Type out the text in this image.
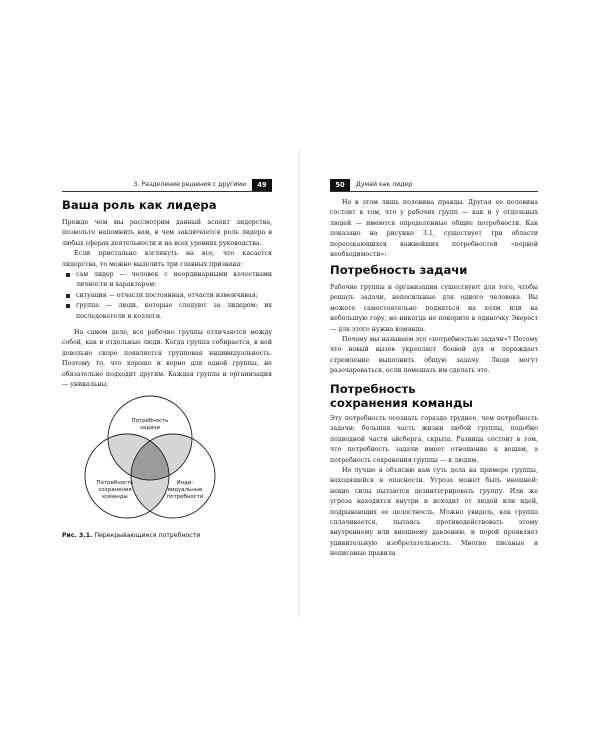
3. Разделение решения с другими	49
Ваша роль как лидера

Прежде чем мы рассмотрим данный аспект лидерства, позвольте напомнить вам, в чем заключается роль лидера в любых сферах деятельности и на всех уровнях руководства.

Если пристально взглянуть на все, что касается лидерства, то можно выделить три главных признака:

сам лидер — человек с неординарными качествами личности и характером;
ситуация — отчасти постоянная, отчасти изменчивая;
группа — люди, которые следуют за лидером: их последователи и коллеги.

На самом деле, все рабочие группы отличаются между собой, как и отдельные люди. Когда группа собирается, в ней довольно скоро появляется групповая индивидуальность. Поэтому то, что хорошо и верно для одной группы, не обязательно подходит другим. Каждая группа и организация — уникальны.

Потребность
задачи
Потребность
сохранения
команды
Инди-
видуальные
потребности
Рис. 3.1. Перекрывающиеся потребности
50	Думай как лидер

Но в этом лишь половина правды. Другая ее половина состоит в том, что у рабочих групп — как и у отдельных людей — имеются определенные общие потребности. Как показано на рисунке 3.1, существует три области пересекающихся важнейших потребностей «первой необходимости»:

Потребность задачи

Рабочие группы и организации существуют для того, чтобы решать задачи, непосильные для одного человека. Вы можете самостоятельно подняться на холм или на небольшую гору, но никогда не покорите в одиночку Эверест — для этого нужна команда.

Почему мы называем это «потребностью задачи»? Потому что новый вызов укрепляет боевой дух и порождает стремление выполнить общую задачу. Люди могут разочароваться, если помешать им сделать это.

Потребность
сохранения команды

Эту потребность осознать гораздо труднее, чем потребность задачи; большая часть жизни любой группы, подобно подводной части айсберга, скрыта. Разница состоит в том, что потребность задачи имеет отношение к вещам, а потребность сохранения группы — к людям.

Но лучше я объясню вам суть дела на примере группы, находящейся в опасности. Угроза может быть внешней: некие силы пытаются дезинтегрировать группу. Или же угроза находится внутри и исходит от людей или идей, подрывающих ее целостность. Можно увидеть, как группа сплачивается, пытаясь противодействовать этому внутреннему или внешнему давлению, и порой проявляет удивительную изобретательность. Многие писаные и неписаные правила
